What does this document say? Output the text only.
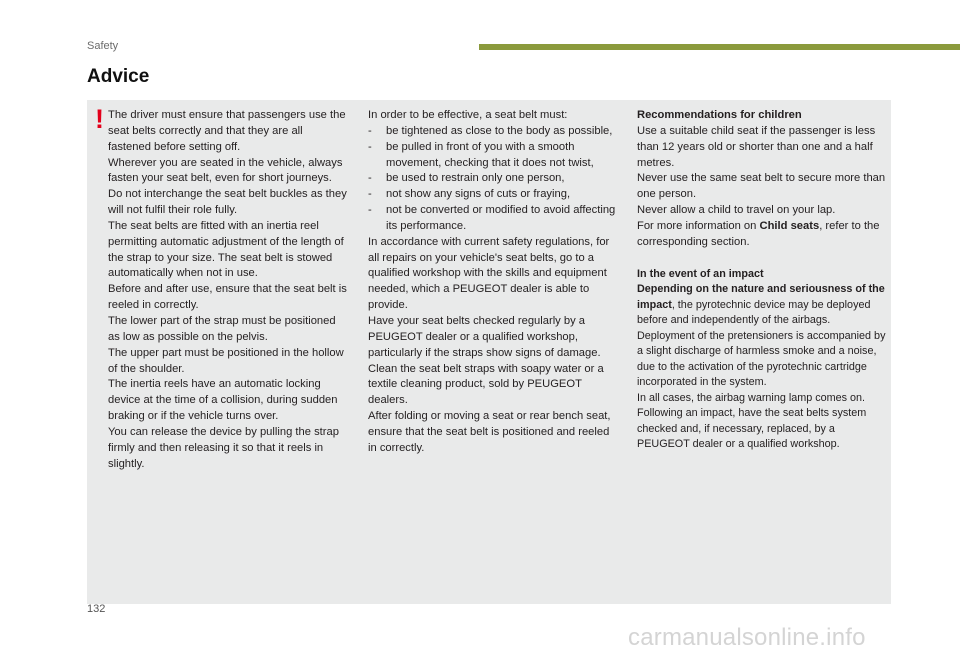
Safety
Advice
! The driver must ensure that passengers use the seat belts correctly and that they are all fastened before setting off.

Wherever you are seated in the vehicle, always fasten your seat belt, even for short journeys.

Do not interchange the seat belt buckles as they will not fulfil their role fully.

The seat belts are fitted with an inertia reel permitting automatic adjustment of the length of the strap to your size. The seat belt is stowed automatically when not in use.

Before and after use, ensure that the seat belt is reeled in correctly.

The lower part of the strap must be positioned as low as possible on the pelvis.

The upper part must be positioned in the hollow of the shoulder.

The inertia reels have an automatic locking device at the time of a collision, during sudden braking or if the vehicle turns over.

You can release the device by pulling the strap firmly and then releasing it so that it reels in slightly.

In order to be effective, a seat belt must:

- be tightened as close to the body as possible,

- be pulled in front of you with a smooth movement, checking that it does not twist,

- be used to restrain only one person,

- not show any signs of cuts or fraying,

- not be converted or modified to avoid affecting its performance.

In accordance with current safety regulations, for all repairs on your vehicle's seat belts, go to a qualified workshop with the skills and equipment needed, which a PEUGEOT dealer is able to provide.

Have your seat belts checked regularly by a PEUGEOT dealer or a qualified workshop, particularly if the straps show signs of damage.

Clean the seat belt straps with soapy water or a textile cleaning product, sold by PEUGEOT dealers.

After folding or moving a seat or rear bench seat, ensure that the seat belt is positioned and reeled in correctly.

Recommendations for children

Use a suitable child seat if the passenger is less than 12 years old or shorter than one and a half metres.

Never use the same seat belt to secure more than one person.

Never allow a child to travel on your lap.

For more information on Child seats, refer to the corresponding section.

In the event of an impact

Depending on the nature and seriousness of the impact, the pyrotechnic device may be deployed before and independently of the airbags. Deployment of the pretensioners is accompanied by a slight discharge of harmless smoke and a noise, due to the activation of the pyrotechnic cartridge incorporated in the system.

In all cases, the airbag warning lamp comes on.

Following an impact, have the seat belts system checked and, if necessary, replaced, by a PEUGEOT dealer or a qualified workshop.

132
carmanualsonline.info
